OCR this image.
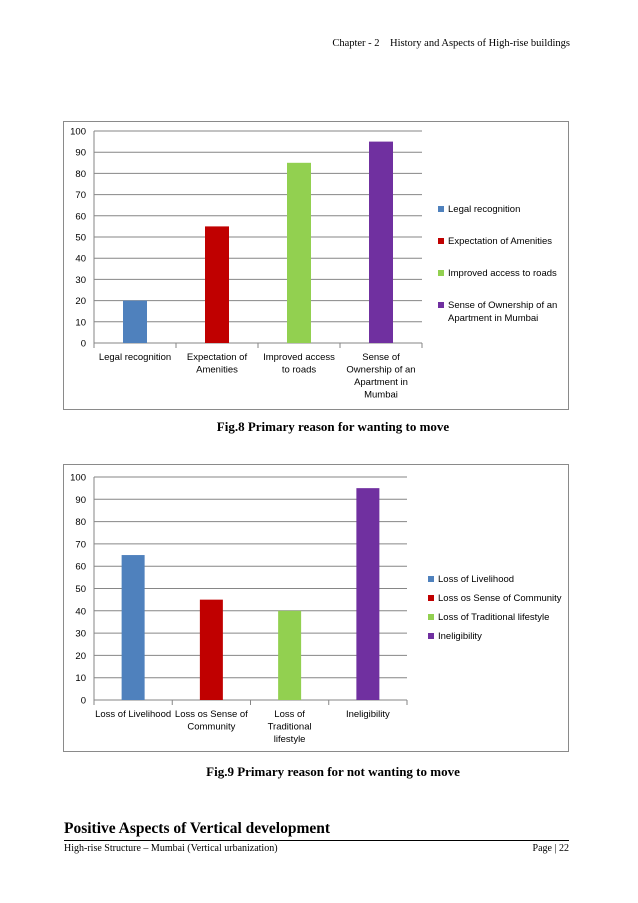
Chapter - 2    History and Aspects of High-rise buildings
0
10
20
30
40
50
60
70
80
90
100
Legal recognition Expectation of
Amenities
Improved access
to roads
Sense of
Ownership of an
Apartment in
Mumbai
Legal recognition
Expectation of Amenities
Improved access to roads
Sense of Ownership of an
Apartment in Mumbai
Fig.8 Primary reason for wanting to move
0
10
20
30
40
50
60
70
80
90
100
Loss of Livelihood Loss os Sense of
Community
Loss of
Traditional
lifestyle
Ineligibility
Loss of Livelihood
Loss os Sense of Community
Loss of Traditional lifestyle
Ineligibility
Fig.9 Primary reason for not wanting to move
Positive Aspects of Vertical development
High-rise Structure – Mumbai (Vertical urbanization)	Page | 22
